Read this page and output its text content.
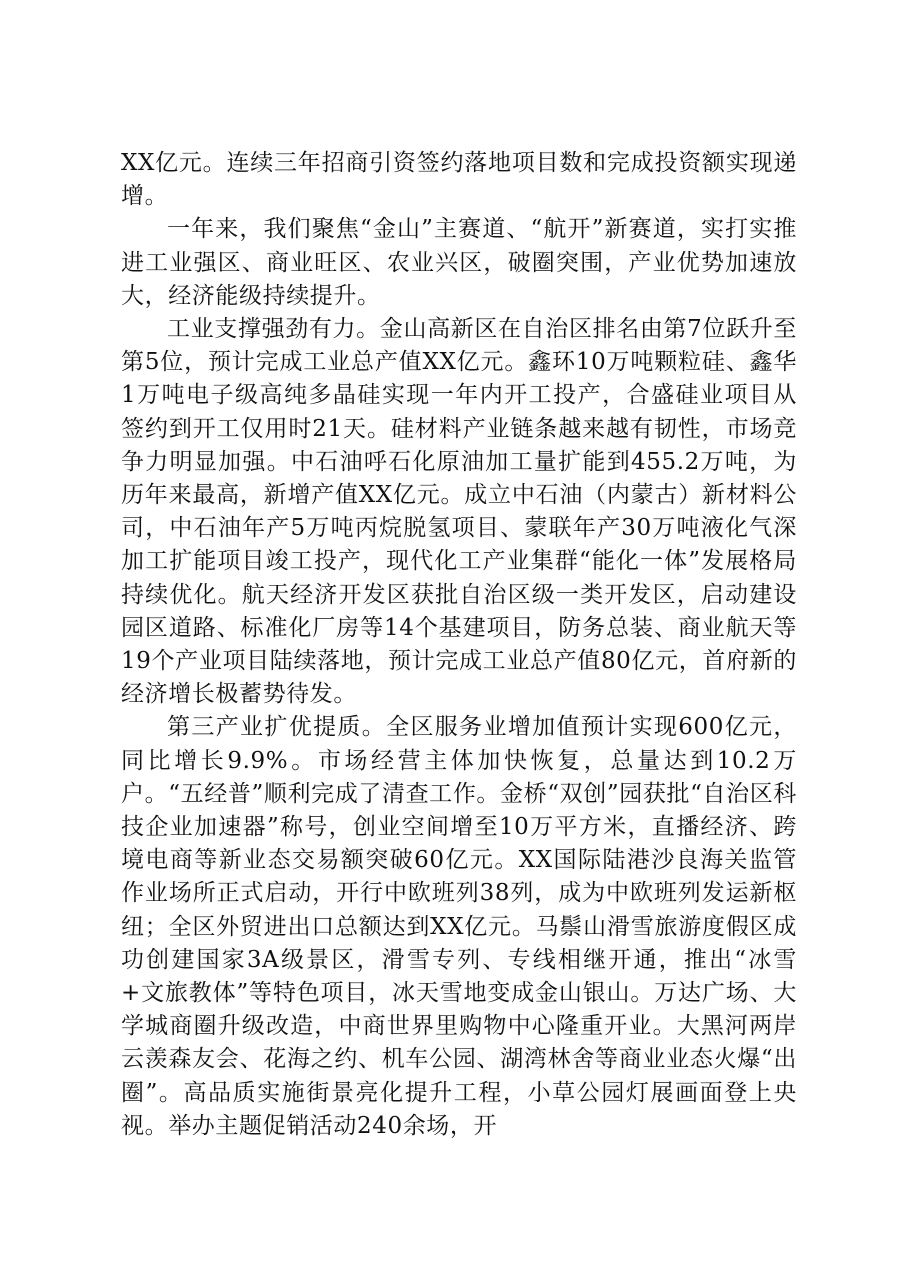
XX亿元。连续三年招商引资签约落地项目数和完成投资额实现递增。

一年来，我们聚焦“金山”主赛道、“航开”新赛道，实打实推进工业强区、商业旺区、农业兴区，破圈突围，产业优势加速放大，经济能级持续提升。

工业支撑强劲有力。金山高新区在自治区排名由第7位跃升至第5位，预计完成工业总产值XX亿元。鑫环10万吨颗粒硅、鑫华1万吨电子级高纯多晶硅实现一年内开工投产，合盛硅业项目从签约到开工仅用时21天。硅材料产业链条越来越有韧性，市场竞争力明显加强。中石油呼石化原油加工量扩能到455.2万吨，为历年来最高，新增产值XX亿元。成立中石油（内蒙古）新材料公司，中石油年产5万吨丙烷脱氢项目、蒙联年产30万吨液化气深加工扩能项目竣工投产，现代化工产业集群“能化一体”发展格局持续优化。航天经济开发区获批自治区级一类开发区，启动建设园区道路、标准化厂房等14个基建项目，防务总装、商业航天等19个产业项目陆续落地，预计完成工业总产值80亿元，首府新的经济增长极蓄势待发。

第三产业扩优提质。全区服务业增加值预计实现600亿元，同比增长9.9%。市场经营主体加快恢复，总量达到10.2万户。“五经普”顺利完成了清查工作。金桥“双创”园获批“自治区科技企业加速器”称号，创业空间增至10万平方米，直播经济、跨境电商等新业态交易额突破60亿元。XX国际陆港沙良海关监管作业场所正式启动，开行中欧班列38列，成为中欧班列发运新枢纽；全区外贸进出口总额达到XX亿元。马鬃山滑雪旅游度假区成功创建国家3A级景区，滑雪专列、专线相继开通，推出“冰雪+文旅教体”等特色项目，冰天雪地变成金山银山。万达广场、大学城商圈升级改造，中商世界里购物中心隆重开业。大黑河两岸云羡森友会、花海之约、机车公园、湖湾林舍等商业业态火爆“出圈”。高品质实施街景亮化提升工程，小草公园灯展画面登上央视。举办主题促销活动240余场，开
